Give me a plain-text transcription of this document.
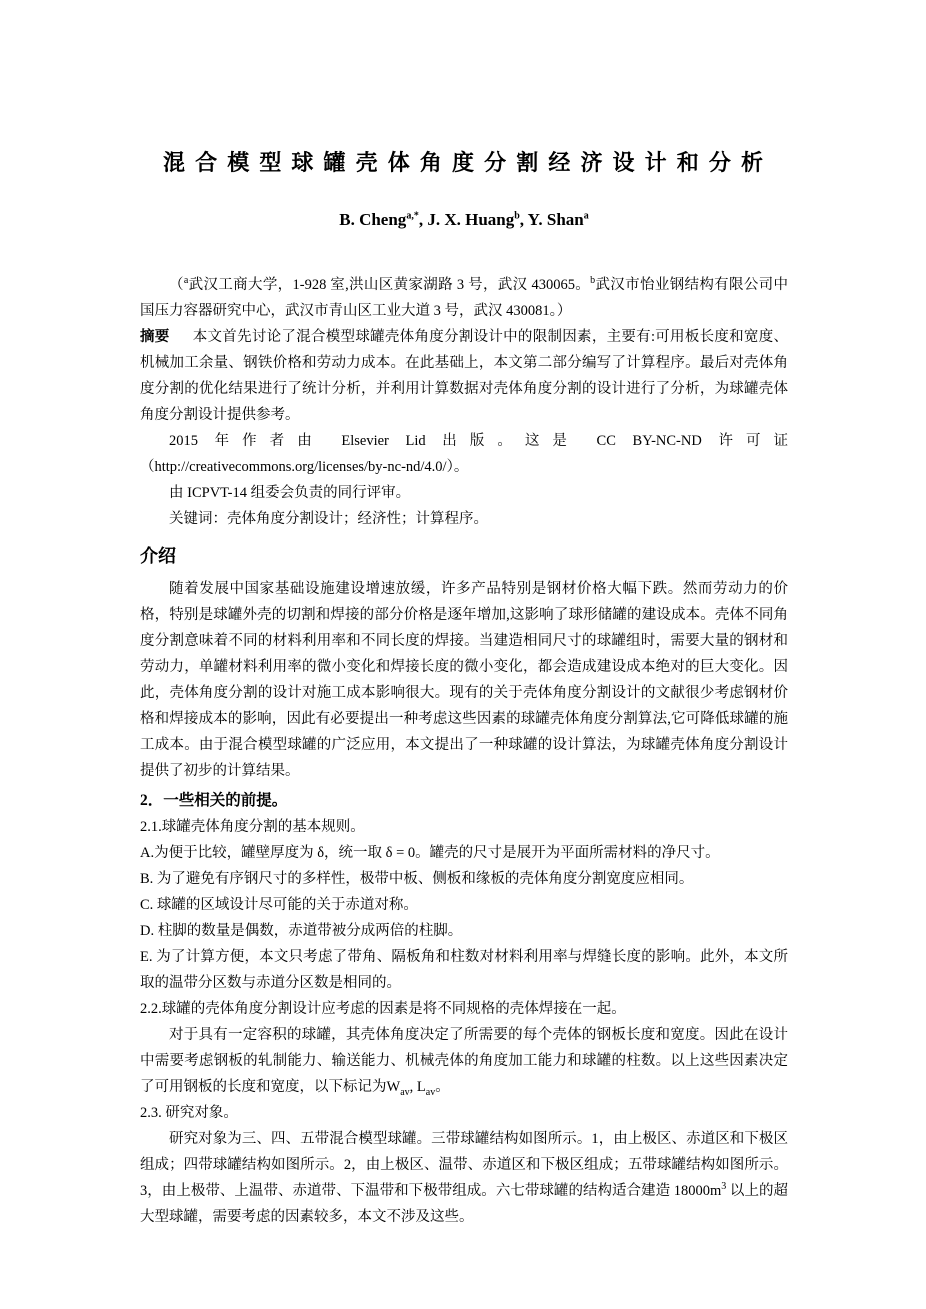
混 合 模 型 球 罐 壳 体 角 度 分 割 经 济 设 计 和 分 析
B. Cheng$^{a,*}$, J. X. Huang$^b$, Y. Shan$^a$

（$^a$武汉工商大学，1-928 室,洪山区黄家湖路 3 号，武汉 430065。$^b$武汉市怡业钢结构有限公司中国压力容器研究中心，武汉市青山区工业大道 3 号，武汉 430081。）

摘要 本文首先讨论了混合模型球罐壳体角度分割设计中的限制因素，主要有:可用板长度和宽度、机械加工余量、钢铁价格和劳动力成本。在此基础上，本文第二部分编写了计算程序。最后对壳体角度分割的优化结果进行了统计分析，并利用计算数据对壳体角度分割的设计进行了分析，为球罐壳体角度分割设计提供参考。

2015 年作者由 Elsevier Lid 出版。这是 CC BY-NC-ND 许可证（http://creativecommons.org/licenses/by-nc-nd/4.0/）。

由 ICPVT-14 组委会负责的同行评审。

关键词：壳体角度分割设计；经济性；计算程序。

介绍

随着发展中国家基础设施建设增速放缓，许多产品特别是钢材价格大幅下跌。然而劳动力的价格，特别是球罐外壳的切割和焊接的部分价格是逐年增加,这影响了球形储罐的建设成本。壳体不同角度分割意味着不同的材料利用率和不同长度的焊接。当建造相同尺寸的球罐组时，需要大量的钢材和劳动力，单罐材料利用率的微小变化和焊接长度的微小变化，都会造成建设成本绝对的巨大变化。因此，壳体角度分割的设计对施工成本影响很大。现有的关于壳体角度分割设计的文献很少考虑钢材价格和焊接成本的影响，因此有必要提出一种考虑这些因素的球罐壳体角度分割算法,它可降低球罐的施工成本。由于混合模型球罐的广泛应用，本文提出了一种球罐的设计算法，为球罐壳体角度分割设计提供了初步的计算结果。

2．一些相关的前提。

2.1.球罐壳体角度分割的基本规则。

A.为便于比较，罐壁厚度为 δ，统一取 δ = 0。罐壳的尺寸是展开为平面所需材料的净尺寸。

B. 为了避免有序钢尺寸的多样性，极带中板、侧板和缘板的壳体角度分割宽度应相同。

C. 球罐的区域设计尽可能的关于赤道对称。

D. 柱脚的数量是偶数，赤道带被分成两倍的柱脚。

E. 为了计算方便，本文只考虑了带角、隔板角和柱数对材料利用率与焊缝长度的影响。此外，本文所取的温带分区数与赤道分区数是相同的。

2.2.球罐的壳体角度分割设计应考虑的因素是将不同规格的壳体焊接在一起。

对于具有一定容积的球罐，其壳体角度决定了所需要的每个壳体的钢板长度和宽度。因此在设计中需要考虑钢板的轧制能力、输送能力、机械壳体的角度加工能力和球罐的柱数。以上这些因素决定了可用钢板的长度和宽度，以下标记为$W_{av}$, $L_{av}$。

2.3. 研究对象。

研究对象为三、四、五带混合模型球罐。三带球罐结构如图所示。1，由上极区、赤道区和下极区组成；四带球罐结构如图所示。2，由上极区、温带、赤道区和下极区组成；五带球罐结构如图所示。3，由上极带、上温带、赤道带、下温带和下极带组成。六七带球罐的结构适合建造 $18000m^3$ 以上的超大型球罐，需要考虑的因素较多，本文不涉及这些。
